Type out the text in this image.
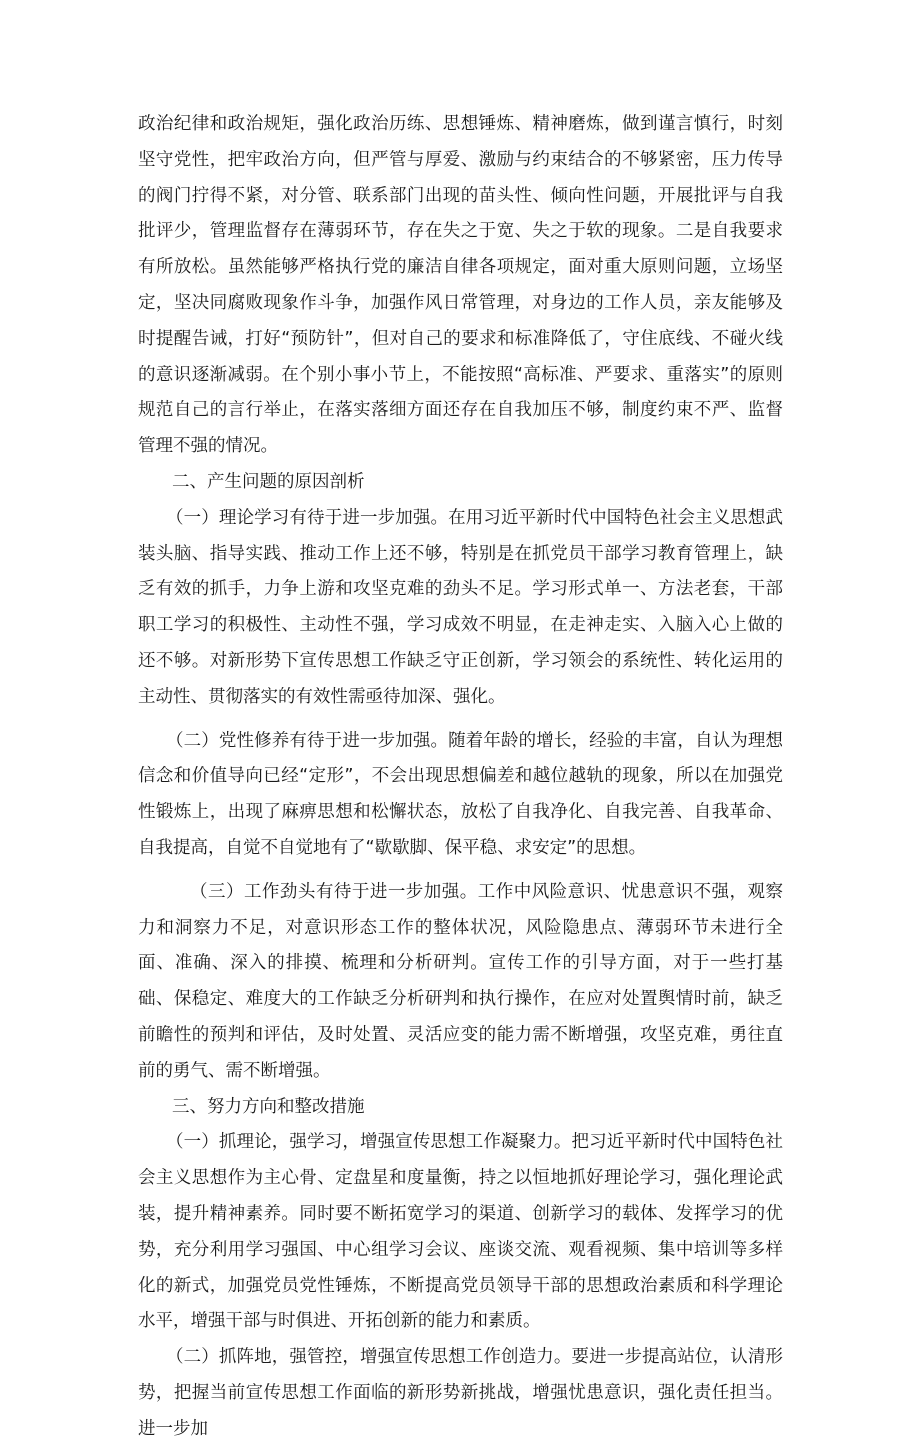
政治纪律和政治规矩，强化政治历练、思想锤炼、精神磨炼，做到谨言慎行，时刻坚守党性，把牢政治方向，但严管与厚爱、激励与约束结合的不够紧密，压力传导的阀门拧得不紧，对分管、联系部门出现的苗头性、倾向性问题，开展批评与自我批评少，管理监督存在薄弱环节，存在失之于宽、失之于软的现象。二是自我要求有所放松。虽然能够严格执行党的廉洁自律各项规定，面对重大原则问题，立场坚定，坚决同腐败现象作斗争，加强作风日常管理，对身边的工作人员，亲友能够及时提醒告诫，打好“预防针”，但对自己的要求和标准降低了，守住底线、不碰火线的意识逐渐减弱。在个别小事小节上，不能按照“高标准、严要求、重落实”的原则规范自己的言行举止，在落实落细方面还存在自我加压不够，制度约束不严、监督管理不强的情况。

二、产生问题的原因剖析

（一）理论学习有待于进一步加强。在用习近平新时代中国特色社会主义思想武装头脑、指导实践、推动工作上还不够，特别是在抓党员干部学习教育管理上，缺乏有效的抓手，力争上游和攻坚克难的劲头不足。学习形式单一、方法老套，干部职工学习的积极性、主动性不强，学习成效不明显，在走神走实、入脑入心上做的还不够。对新形势下宣传思想工作缺乏守正创新，学习领会的系统性、转化运用的主动性、贯彻落实的有效性需亟待加深、强化。

（二）党性修养有待于进一步加强。随着年龄的增长，经验的丰富，自认为理想信念和价值导向已经“定形”，不会出现思想偏差和越位越轨的现象，所以在加强党性锻炼上，出现了麻痹思想和松懈状态，放松了自我净化、自我完善、自我革命、自我提高，自觉不自觉地有了“歇歇脚、保平稳、求安定”的思想。

（三）工作劲头有待于进一步加强。工作中风险意识、忧患意识不强，观察力和洞察力不足，对意识形态工作的整体状况，风险隐患点、薄弱环节未进行全面、准确、深入的排摸、梳理和分析研判。宣传工作的引导方面，对于一些打基础、保稳定、难度大的工作缺乏分析研判和执行操作，在应对处置舆情时前，缺乏前瞻性的预判和评估，及时处置、灵活应变的能力需不断增强，攻坚克难，勇往直前的勇气、需不断增强。

三、努力方向和整改措施

（一）抓理论，强学习，增强宣传思想工作凝聚力。把习近平新时代中国特色社会主义思想作为主心骨、定盘星和度量衡，持之以恒地抓好理论学习，强化理论武装，提升精神素养。同时要不断拓宽学习的渠道、创新学习的载体、发挥学习的优势，充分利用学习强国、中心组学习会议、座谈交流、观看视频、集中培训等多样化的新式，加强党员党性锤炼，不断提高党员领导干部的思想政治素质和科学理论水平，增强干部与时俱进、开拓创新的能力和素质。

（二）抓阵地，强管控，增强宣传思想工作创造力。要进一步提高站位，认清形势，把握当前宣传思想工作面临的新形势新挑战，增强忧患意识，强化责任担当。进一步加
